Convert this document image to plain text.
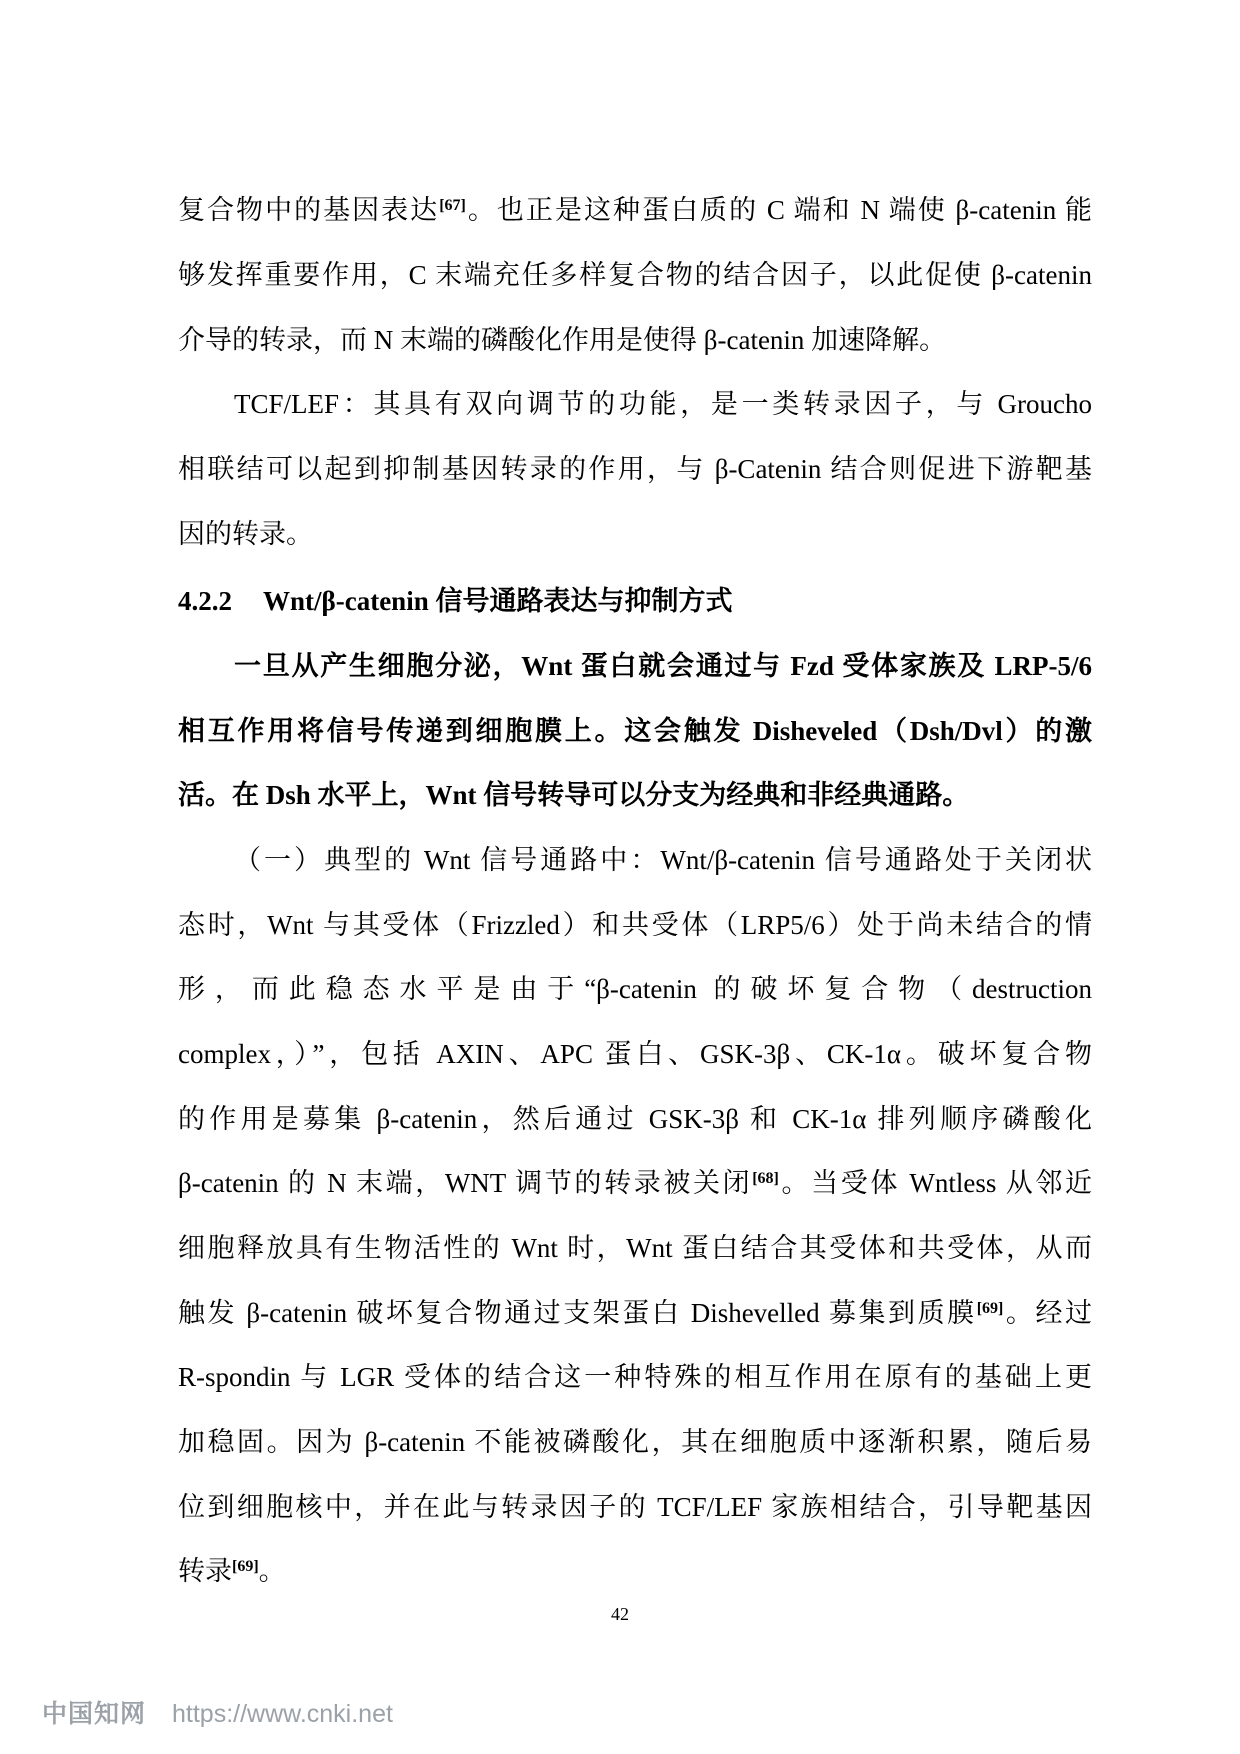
复合物中的基因表达[67]。也正是这种蛋白质的 C 端和 N 端使 β-catenin 能
够发挥重要作用，C 末端充任多样复合物的结合因子，以此促使 β-catenin
介导的转录，而 N 末端的磷酸化作用是使得 β-catenin 加速降解。
TCF/LEF：其具有双向调节的功能，是一类转录因子，与 Groucho
相联结可以起到抑制基因转录的作用，与 β-Catenin 结合则促进下游靶基
因的转录。
4.2.2 Wnt/β-catenin 信号通路表达与抑制方式
一旦从产生细胞分泌，Wnt 蛋白就会通过与 Fzd 受体家族及 LRP-5/6
相互作用将信号传递到细胞膜上。这会触发 Disheveled（Dsh/Dvl）的激
活。在 Dsh 水平上，Wnt 信号转导可以分支为经典和非经典通路。
（一）典型的 Wnt 信号通路中：Wnt/β-catenin 信号通路处于关闭状
态时，Wnt 与其受体（Frizzled）和共受体（LRP5/6）处于尚未结合的情
形，而此稳态水平是由于“β-catenin 的破坏复合物（destruction
complex，）”，包括 AXIN、APC 蛋白、GSK-3β、CK-1α。破坏复合物
的作用是募集 β-catenin，然后通过 GSK-3β 和 CK-1α 排列顺序磷酸化
β-catenin 的 N 末端，WNT 调节的转录被关闭[68]。当受体 Wntless 从邻近
细胞释放具有生物活性的 Wnt 时，Wnt 蛋白结合其受体和共受体，从而
触发 β-catenin 破坏复合物通过支架蛋白 Dishevelled 募集到质膜[69]。经过
R-spondin 与 LGR 受体的结合这一种特殊的相互作用在原有的基础上更
加稳固。因为 β-catenin 不能被磷酸化，其在细胞质中逐渐积累，随后易
位到细胞核中，并在此与转录因子的 TCF/LEF 家族相结合，引导靶基因
转录[69]。
42
中国知网 https://www.cnki.net
